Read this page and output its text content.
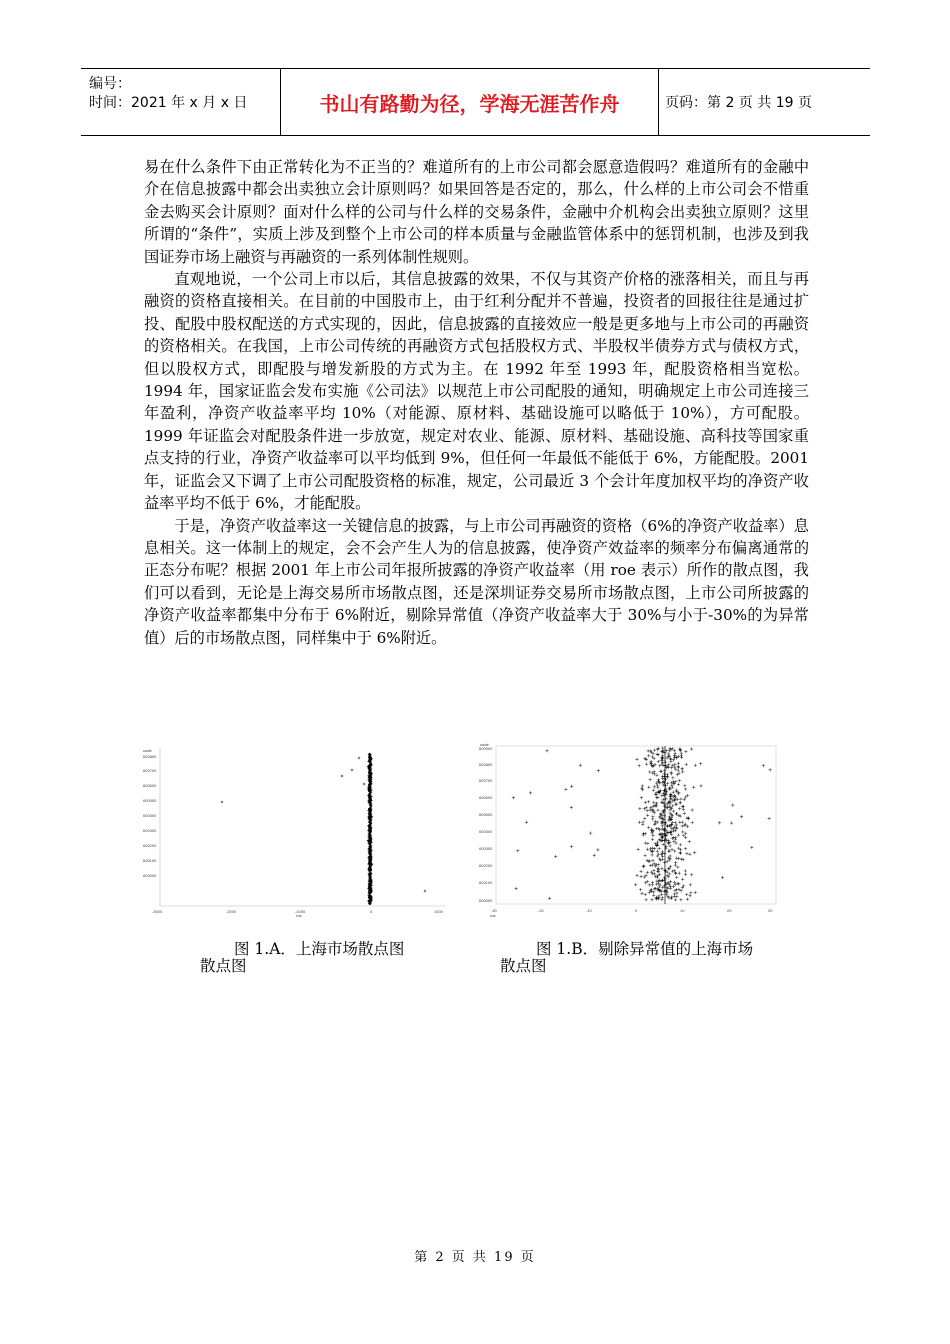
编号：
时间：2021 年 x 月 x 日	书山有路勤为径，学海无涯苦作舟	页码：第 2 页 共 19 页

易在什么条件下由正常转化为不正当的？难道所有的上市公司都会愿意造假吗？难道所有的金融中介在信息披露中都会出卖独立会计原则吗？如果回答是否定的，那么，什么样的上市公司会不惜重金去购买会计原则？面对什么样的公司与什么样的交易条件，金融中介机构会出卖独立原则？这里所谓的“条件”，实质上涉及到整个上市公司的样本质量与金融监管体系中的惩罚机制，也涉及到我国证券市场上融资与再融资的一系列体制性规则。

直观地说，一个公司上市以后，其信息披露的效果，不仅与其资产价格的涨落相关，而且与再融资的资格直接相关。在目前的中国股市上，由于红利分配并不普遍，投资者的回报往往是通过扩投、配股中股权配送的方式实现的，因此，信息披露的直接效应一般是更多地与上市公司的再融资的资格相关。在我国，上市公司传统的再融资方式包括股权方式、半股权半债券方式与债权方式，但以股权方式，即配股与增发新股的方式为主。在 1992 年至 1993 年，配股资格相当宽松。1994 年，国家证监会发布实施《公司法》以规范上市公司配股的通知，明确规定上市公司连接三年盈利，净资产收益率平均 10%（对能源、原材料、基础设施可以略低于 10%），方可配股。1999 年证监会对配股条件进一步放宽，规定对农业、能源、原材料、基础设施、高科技等国家重点支持的行业，净资产收益率可以平均低到 9%，但任何一年最低不能低于 6%，方能配股。2001 年，证监会又下调了上市公司配股资格的标准，规定，公司最近 3 个会计年度加权平均的净资产收益率平均不低于 6%，才能配股。

于是，净资产收益率这一关键信息的披露，与上市公司再融资的资格（6%的净资产收益率）息息相关。这一体制上的规定，会不会产生人为的信息披露，使净资产效益率的频率分布偏离通常的正态分布呢？根据 2001 年上市公司年报所披露的净资产收益率（用 roe 表示）所作的散点图，我们可以看到，无论是上海交易所市场散点图，还是深圳证券交易所市场散点图，上市公司所披露的净资产收益率都集中分布于 6%附近，剔除异常值（净资产收益率大于 30%与小于-30%的为异常值）后的市场散点图，同样集中于 6%附近。

code
600800
600700
600600
600500
600400
600300
600200
600100
600000
-3000	-2000	-1000	0	1000
roe
code
600900
600800
600700
600600
600500
600400
600300
600200
600100
600000
-30	-20	-10	0	10	20	30
roe
图 1.A．上海市场散点图	图 1.B．剔除异常值的上海市场
散点图	散点图
第 2 页 共 19 页
